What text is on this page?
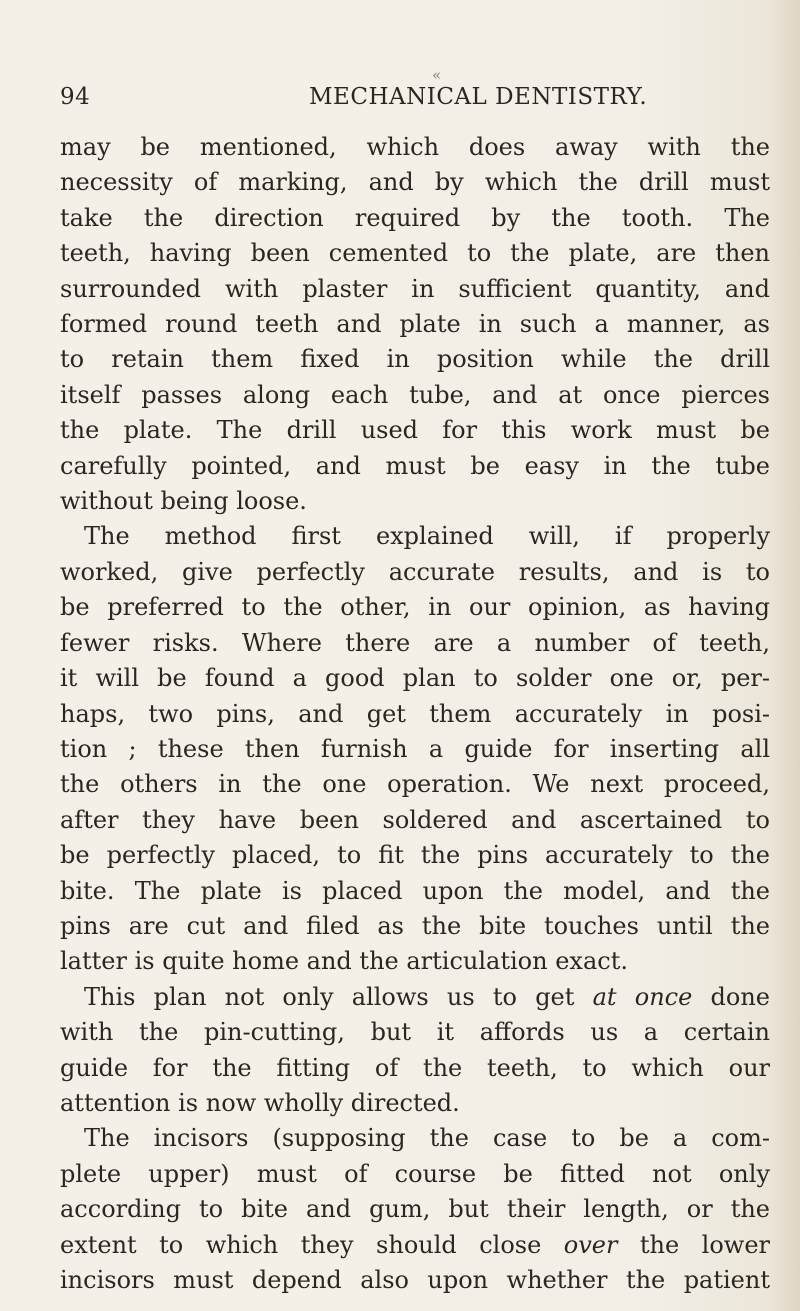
«
94	MECHANICAL DENTISTRY.
may be mentioned, which does away with the
necessity of marking, and by which the drill must
take the direction required by the tooth. The
teeth, having been cemented to the plate, are then
surrounded with plaster in sufficient quantity, and
formed round teeth and plate in such a manner, as
to retain them fixed in position while the drill
itself passes along each tube, and at once pierces
the plate. The drill used for this work must be
carefully pointed, and must be easy in the tube
without being loose.
The method first explained will, if properly
worked, give perfectly accurate results, and is to
be preferred to the other, in our opinion, as having
fewer risks. Where there are a number of teeth,
it will be found a good plan to solder one or, per-
haps, two pins, and get them accurately in posi-
tion ; these then furnish a guide for inserting all
the others in the one operation. We next proceed,
after they have been soldered and ascertained to
be perfectly placed, to fit the pins accurately to the
bite. The plate is placed upon the model, and the
pins are cut and filed as the bite touches until the
latter is quite home and the articulation exact.
This plan not only allows us to get at once done
with the pin-cutting, but it affords us a certain
guide for the fitting of the teeth, to which our
attention is now wholly directed.
The incisors (supposing the case to be a com-
plete upper) must of course be fitted not only
according to bite and gum, but their length, or the
extent to which they should close over the lower
incisors must depend also upon whether the patient
